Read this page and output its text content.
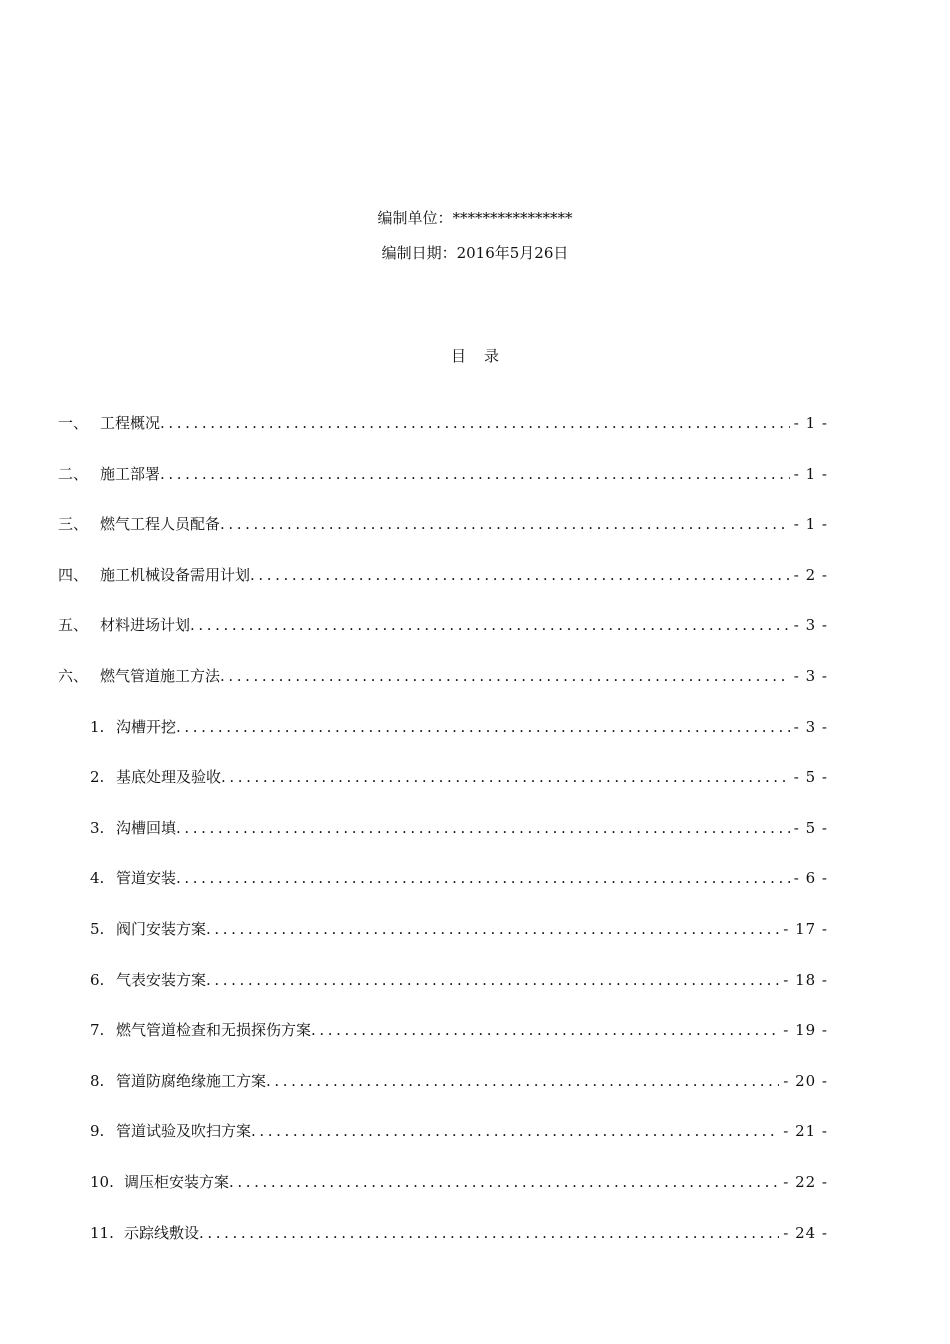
编制单位：****************
编制日期：2016年5月26日
目录
一、 工程概况 .....	- 1 -
二、 施工部署 .....	- 1 -
三、 燃气工程人员配备 .....	- 1 -
四、 施工机械设备需用计划 .....	- 2 -
五、 材料进场计划 .....	- 3 -
六、 燃气管道施工方法 .....	- 3 -
1. 沟槽开挖 .....	- 3 -
2. 基底处理及验收 .....	- 5 -
3. 沟槽回填 .....	- 5 -
4. 管道安装 .....	- 6 -
5. 阀门安装方案 .....	- 17 -
6. 气表安装方案 .....	- 18 -
7. 燃气管道检查和无损探伤方案 .....	- 19 -
8. 管道防腐绝缘施工方案 .....	- 20 -
9. 管道试验及吹扫方案 .....	- 21 -
10. 调压柜安装方案 .....	- 22 -
11. 示踪线敷设 .....	- 24 -
